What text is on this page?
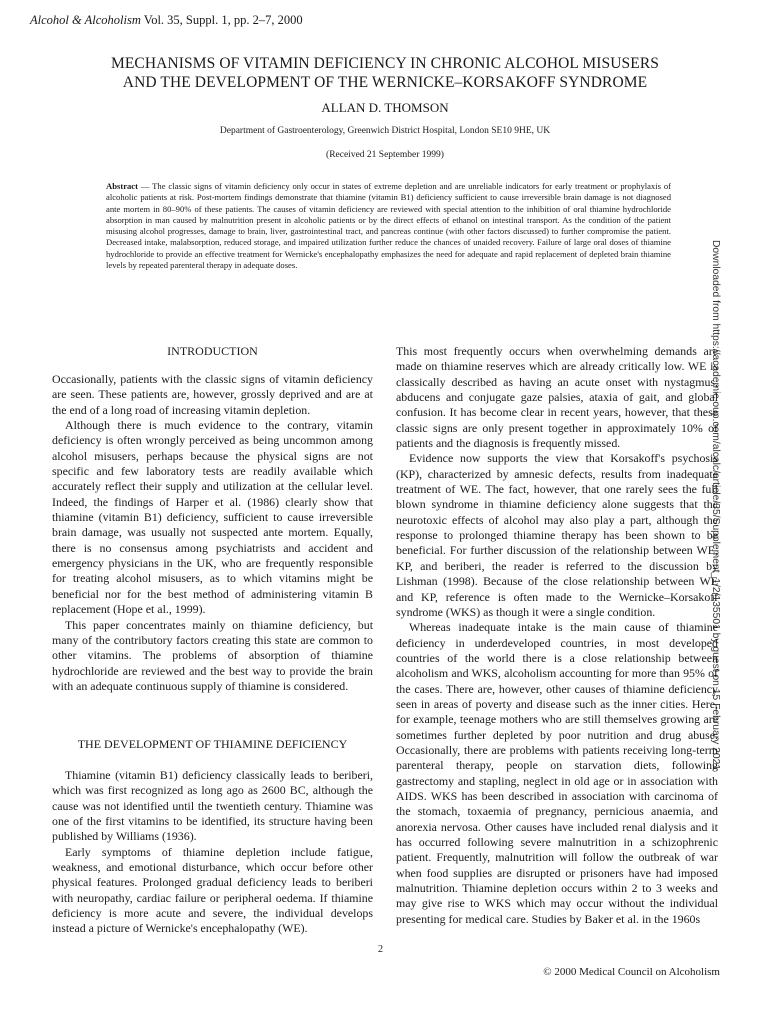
Alcohol & Alcoholism Vol. 35, Suppl. 1, pp. 2–7, 2000
MECHANISMS OF VITAMIN DEFICIENCY IN CHRONIC ALCOHOL MISUSERS
AND THE DEVELOPMENT OF THE WERNICKE–KORSAKOFF SYNDROME
ALLAN D. THOMSON
Department of Gastroenterology, Greenwich District Hospital, London SE10 9HE, UK
(Received 21 September 1999)
Abstract — The classic signs of vitamin deficiency only occur in states of extreme depletion and are unreliable indicators for early treatment or prophylaxis of alcoholic patients at risk. Post-mortem findings demonstrate that thiamine (vitamin B1) deficiency sufficient to cause irreversible brain damage is not diagnosed ante mortem in 80–90% of these patients. The causes of vitamin deficiency are reviewed with special attention to the inhibition of oral thiamine hydrochloride absorption in man caused by malnutrition present in alcoholic patients or by the direct effects of ethanol on intestinal transport. As the condition of the patient misusing alcohol progresses, damage to brain, liver, gastrointestinal tract, and pancreas continue (with other factors discussed) to further compromise the patient. Decreased intake, malabsorption, reduced storage, and impaired utilization further reduce the chances of unaided recovery. Failure of large oral doses of thiamine hydrochloride to provide an effective treatment for Wernicke's encephalopathy emphasizes the need for adequate and rapid replacement of depleted brain thiamine levels by repeated parenteral therapy in adequate doses.	Downloaded from https://academic.oup.com/alcalc/article/35/Supplement_1/2/135501 by guest on 15 February 2021
INTRODUCTION

Occasionally, patients with the classic signs of vitamin deficiency are seen. These patients are, however, grossly deprived and are at the end of a long road of increasing vitamin depletion.

Although there is much evidence to the contrary, vitamin deficiency is often wrongly perceived as being uncommon among alcohol misusers, perhaps because the physical signs are not specific and few laboratory tests are readily available which accurately reflect their supply and utilization at the cellular level. Indeed, the findings of Harper et al. (1986) clearly show that thiamine (vitamin B1) deficiency, sufficient to cause irreversible brain damage, was usually not suspected ante mortem. Equally, there is no consensus among psychiatrists and accident and emergency physicians in the UK, who are frequently responsible for treating alcohol misusers, as to which vitamins might be beneficial nor for the best method of administering vitamin B replacement (Hope et al., 1999).

This paper concentrates mainly on thiamine deficiency, but many of the contributory factors creating this state are common to other vitamins. The problems of absorption of thiamine hydrochloride are reviewed and the best way to provide the brain with an adequate continuous supply of thiamine is considered.

THE DEVELOPMENT OF THIAMINE DEFICIENCY

Thiamine (vitamin B1) deficiency classically leads to beriberi, which was first recognized as long ago as 2600 BC, although the cause was not identified until the twentieth century. Thiamine was one of the first vitamins to be identified, its structure having been published by Williams (1936).

Early symptoms of thiamine depletion include fatigue, weakness, and emotional disturbance, which occur before other physical features. Prolonged gradual deficiency leads to beriberi with neuropathy, cardiac failure or peripheral oedema. If thiamine deficiency is more acute and severe, the individual develops instead a picture of Wernicke's encephalopathy (WE).

This most frequently occurs when overwhelming demands are made on thiamine reserves which are already critically low. WE is classically described as having an acute onset with nystagmus, abducens and conjugate gaze palsies, ataxia of gait, and global confusion. It has become clear in recent years, however, that these classic signs are only present together in approximately 10% of patients and the diagnosis is frequently missed.

Evidence now supports the view that Korsakoff's psychosis (KP), characterized by amnesic defects, results from inadequate treatment of WE. The fact, however, that one rarely sees the full blown syndrome in thiamine deficiency alone suggests that the neurotoxic effects of alcohol may also play a part, although the response to prolonged thiamine therapy has been shown to be beneficial. For further discussion of the relationship between WE, KP, and beriberi, the reader is referred to the discussion by Lishman (1998). Because of the close relationship between WE and KP, reference is often made to the Wernicke–Korsakoff syndrome (WKS) as though it were a single condition.

Whereas inadequate intake is the main cause of thiamine deficiency in underdeveloped countries, in most developed countries of the world there is a close relationship between alcoholism and WKS, alcoholism accounting for more than 95% of the cases. There are, however, other causes of thiamine deficiency seen in areas of poverty and disease such as the inner cities. Here, for example, teenage mothers who are still themselves growing are sometimes further depleted by poor nutrition and drug abuse. Occasionally, there are problems with patients receiving long-term parenteral therapy, people on starvation diets, following gastrectomy and stapling, neglect in old age or in association with AIDS. WKS has been described in association with carcinoma of the stomach, toxaemia of pregnancy, pernicious anaemia, and anorexia nervosa. Other causes have included renal dialysis and it has occurred following severe malnutrition in a schizophrenic patient. Frequently, malnutrition will follow the outbreak of war when food supplies are disrupted or prisoners have had imposed malnutrition. Thiamine depletion occurs within 2 to 3 weeks and may give rise to WKS which may occur without the individual presenting for medical care. Studies by Baker et al. in the 1960s

2
© 2000 Medical Council on Alcoholism
